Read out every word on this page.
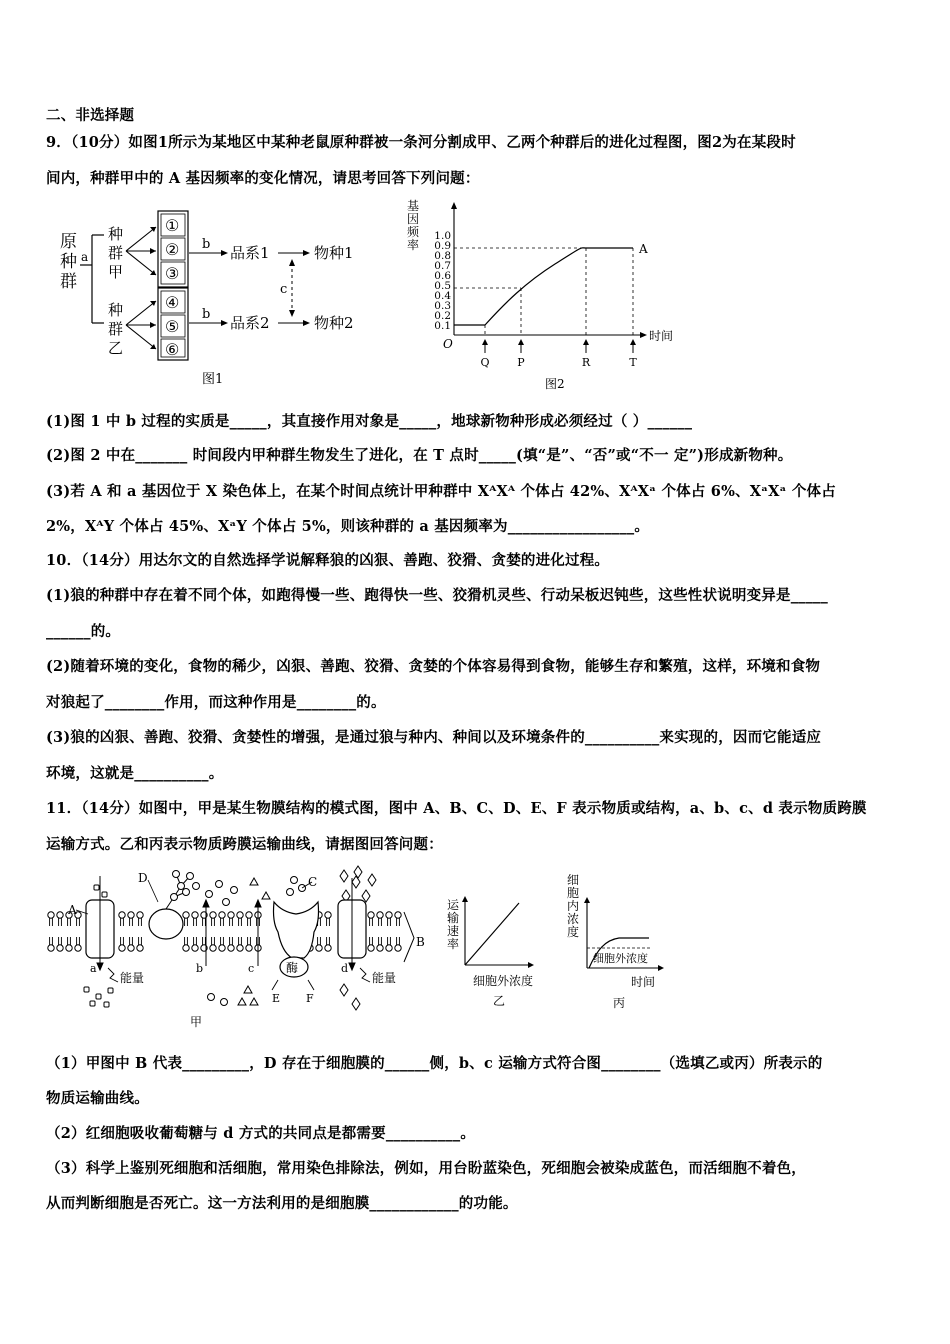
二、非选择题
9．（10分）如图1所示为某地区中某种老鼠原种群被一条河分割成甲、乙两个种群后的进化过程图，图2为在某段时
间内，种群甲中的 A 基因频率的变化情况，请思考回答下列问题：
原
种
群
a
种
群
甲
种
群
乙
①
②
③
④
⑤
⑥
b 品系1	物种1
b 品系2	物种2
c
图1
基
因
频
率
1.0
0.9
0.8
0.7
0.6
0.5
0.4
0.3
0.2
0.1
A
O
时间
Q	P	R	T
图2
(1)图 1 中 b 过程的实质是_____，其直接作用对象是_____，地球新物种形成必须经过（ ）______
(2)图 2 中在_______ 时间段内甲种群生物发生了进化，在 T 点时_____(填“是”、“否”或“不一 定”)形成新物种。
(3)若 A 和 a 基因位于 X 染色体上，在某个时间点统计甲种群中 XᴬXᴬ 个体占 42%、XᴬXᵃ 个体占 6%、XᵃXᵃ 个体占
2%，XᴬY 个体占 45%、XᵃY 个体占 5%，则该种群的 a 基因频率为_________________。
10．（14分）用达尔文的自然选择学说解释狼的凶狠、善跑、狡猾、贪婪的进化过程。
(1)狼的种群中存在着不同个体，如跑得慢一些、跑得快一些、狡猾机灵些、行动呆板迟钝些，这些性状说明变异是_____
______的。
(2)随着环境的变化，食物的稀少，凶狠、善跑、狡猾、贪婪的个体容易得到食物，能够生存和繁殖，这样，环境和食物
对狼起了________作用，而这种作用是________的。
(3)狼的凶狠、善跑、狡猾、贪婪性的增强，是通过狼与种内、种间以及环境条件的__________来实现的，因而它能适应
环境，这就是__________。
11．（14分）如图中，甲是某生物膜结构的模式图，图中 A、B、C、D、E、F 表示物质或结构，a、b、c、d 表示物质跨膜
运输方式。乙和丙表示物质跨膜运输曲线，请据图回答问题：
A
D	C
酶
E F
B
a	b	c	d
能量	能量
甲
运
输
速
率
细胞外浓度
乙
细
胞
内
浓
度
细胞外浓度
时间
丙
（1）甲图中 B 代表_________，D 存在于细胞膜的______侧，b、c 运输方式符合图________（选填乙或丙）所表示的
物质运输曲线。
（2）红细胞吸收葡萄糖与 d 方式的共同点是都需要__________。
（3）科学上鉴别死细胞和活细胞，常用染色排除法，例如，用台盼蓝染色，死细胞会被染成蓝色，而活细胞不着色，
从而判断细胞是否死亡。这一方法利用的是细胞膜____________的功能。
